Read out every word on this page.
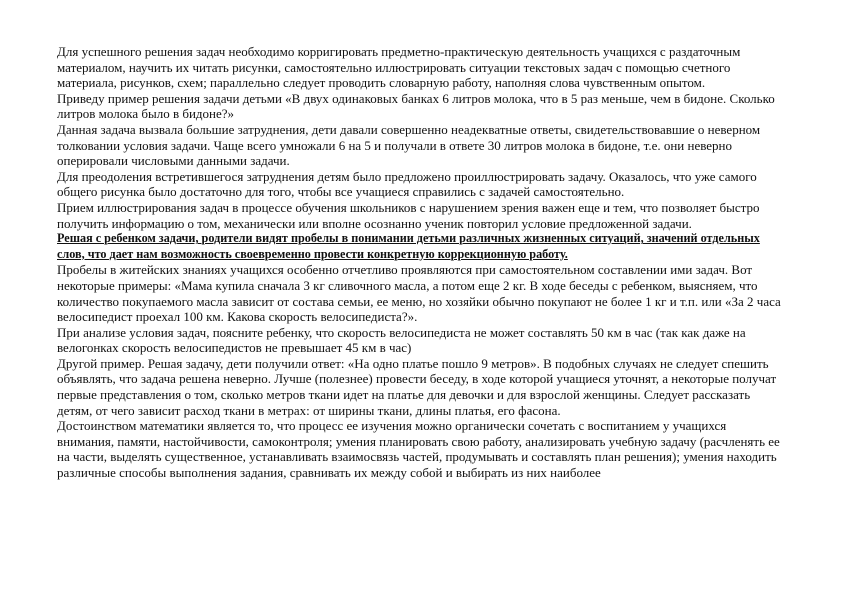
Для успешного решения задач необходимо корригировать предметно-практическую деятельность учащихся с раздаточным материалом, научить их читать рисунки, самостоятельно иллюстрировать ситуации текстовых задач с помощью счетного материала, рисунков, схем; параллельно следует проводить словарную работу, наполняя слова чувственным опытом.

Приведу пример решения задачи детьми «В двух одинаковых банках 6 литров молока, что в 5 раз меньше, чем в бидоне. Сколько литров молока было в бидоне?»

Данная задача вызвала большие затруднения, дети давали совершенно неадекватные ответы, свидетельствовавшие о неверном толковании условия задачи. Чаще всего умножали 6 на 5 и получали в ответе 30 литров молока в бидоне, т.е. они неверно оперировали числовыми данными задачи.

Для преодоления встретившегося затруднения детям было предложено проиллюстрировать задачу. Оказалось, что уже самого общего рисунка было достаточно для того, чтобы все учащиеся справились с задачей самостоятельно.

Прием иллюстрирования задач в процессе обучения школьников с нарушением зрения важен еще и тем, что позволяет быстро получить информацию о том, механически или вполне осознанно ученик повторил условие предложенной задачи.

Решая с ребенком задачи, родители видят пробелы в понимании детьми различных жизненных ситуаций, значений отдельных слов, что дает нам возможность своевременно провести конкретную коррекционную работу.

Пробелы в житейских знаниях учащихся особенно отчетливо проявляются при самостоятельном составлении ими задач. Вот некоторые примеры: «Мама купила сначала 3 кг сливочного масла, а потом еще 2 кг. В ходе беседы с ребенком, выясняем, что количество покупаемого масла зависит от состава семьи, ее меню, но хозяйки обычно покупают не более 1 кг и т.п. или «За 2 часа велосипедист проехал 100 км. Какова скорость велосипедиста?».

При анализе условия задач, поясните ребенку, что скорость велосипедиста не может составлять 50 км в час (так как даже на велогонках скорость велосипедистов не превышает 45 км в час)

Другой пример. Решая задачу, дети получили ответ: «На одно платье пошло 9 метров». В подобных случаях не следует спешить объявлять, что задача решена неверно. Лучше (полезнее) провести беседу, в ходе которой учащиеся уточнят, а некоторые получат первые представления о том, сколько метров ткани идет на платье для девочки и для взрослой женщины. Следует рассказать детям, от чего зависит расход ткани в метрах: от ширины ткани, длины платья, его фасона.

Достоинством математики является то, что процесс ее изучения можно органически сочетать с воспитанием у учащихся внимания, памяти, настойчивости, самоконтроля; умения планировать свою работу, анализировать учебную задачу (расчленять ее на части, выделять существенное, устанавливать взаимосвязь частей, продумывать и составлять план решения); умения находить различные способы выполнения задания, сравнивать их между собой и выбирать из них наиболее
